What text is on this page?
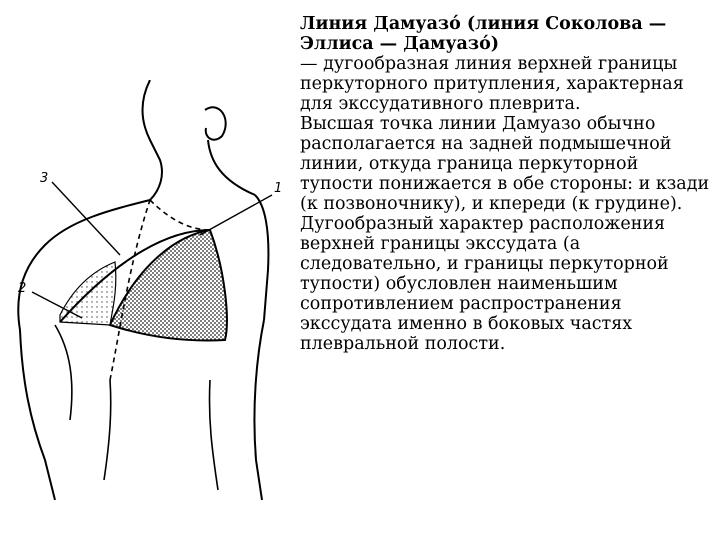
3
1
2

Линия Дамуазо́ (линия Соколова — Эллиса — Дамуазо́)

— дугообразная линия верхней границы перкуторного притупления, характерная для экссудативного плеврита.

Высшая точка линии Дамуазо обычно располагается на задней подмышечной линии, откуда граница перкуторной тупости понижается в обе стороны: и кзади (к позвоночнику), и кпереди (к грудине).

Дугообразный характер расположения верхней границы экссудата (а следовательно, и границы перкуторной тупости) обусловлен наименьшим сопротивлением распространения экссудата именно в боковых частях плевральной полости.
